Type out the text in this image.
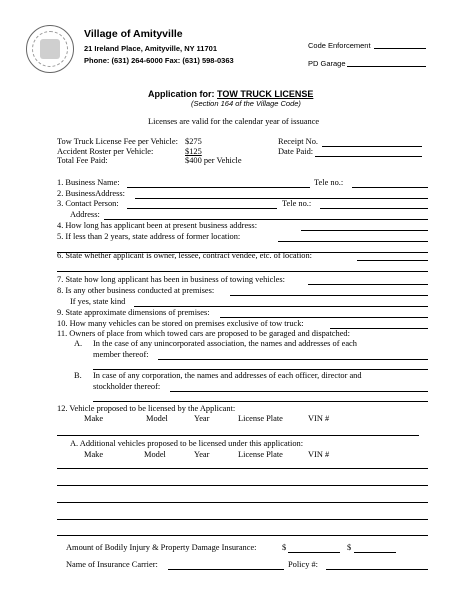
Village of Amityville
21 Ireland Place, Amityville, NY 11701
Phone: (631) 264-6000 Fax: (631) 598-0363
Code Enforcement
PD Garage
Application for: TOW TRUCK LICENSE
(Section 164 of the Village Code)
Licenses are valid for the calendar year of issuance
Tow Truck License Fee per Vehicle: $275
Accident Roster per Vehicle:	$125
Total Fee Paid:	$400 per Vehicle
Receipt No.
Date Paid:
1. Business Name:	Tele no.:
2. BusinessAddress:
3. Contact Person:	Tele no.:
Address:
4. How long has applicant been at present business address:
5. If less than 2 years, state address of former location:
6. State whether applicant is owner, lessee, contract vendee, etc. of location:
7. State how long applicant has been in business of towing vehicles:
8. Is any other business conducted at premises:
If yes, state kind
9. State approximate dimensions of premises:
10. How many vehicles can be stored on premises exclusive of tow truck:
11. Owners of place from which towed cars are proposed to be garaged and dispatched:
A. In the case of any unincorporated association, the names and addresses of each
member thereof:
B. In case of any corporation, the names and addresses of each officer, director and
stockholder thereof:
12. Vehicle proposed to be licensed by the Applicant:
Make	Model	Year	License Plate	VIN #
A. Additional vehicles proposed to be licensed under this application:
Make	Model	Year	License Plate	VIN #
Amount of Bodily Injury & Property Damage Insurance:	$	$
Name of Insurance Carrier:	Policy #:
